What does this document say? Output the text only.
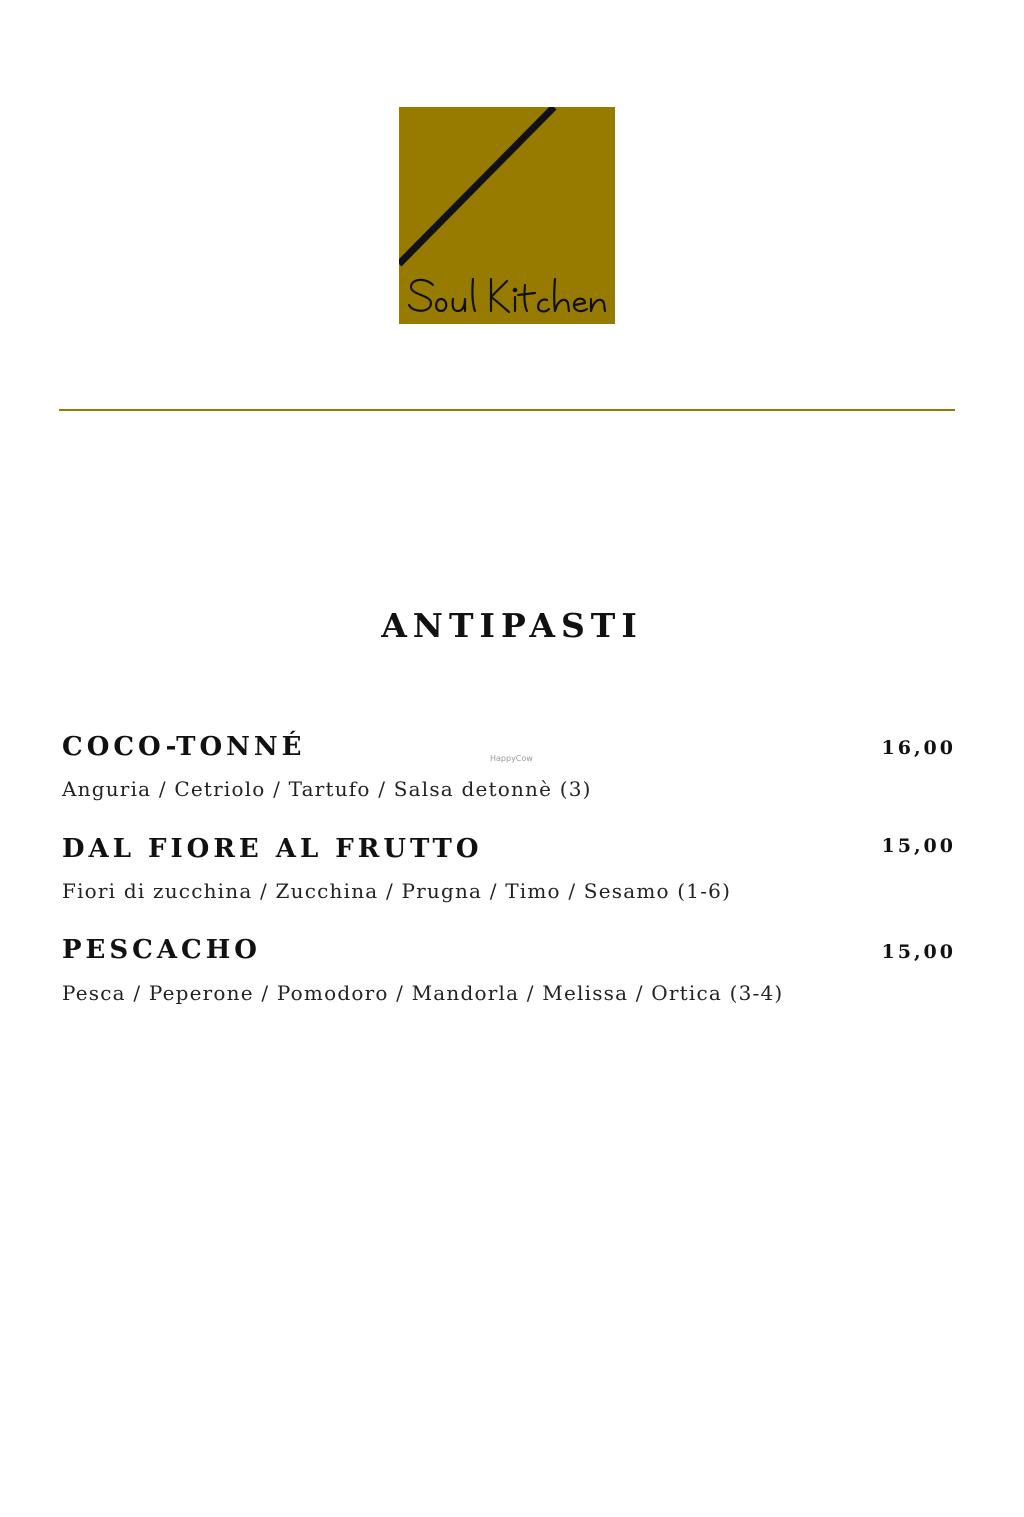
ANTIPASTI
HappyCow
COCO-TONNÉ	16,00
Anguria / Cetriolo / Tartufo / Salsa detonnè (3)
DAL FIORE AL FRUTTO	15,00
Fiori di zucchina / Zucchina / Prugna / Timo / Sesamo (1-6)
PESCACHO	15,00
Pesca / Peperone / Pomodoro / Mandorla / Melissa / Ortica (3-4)
